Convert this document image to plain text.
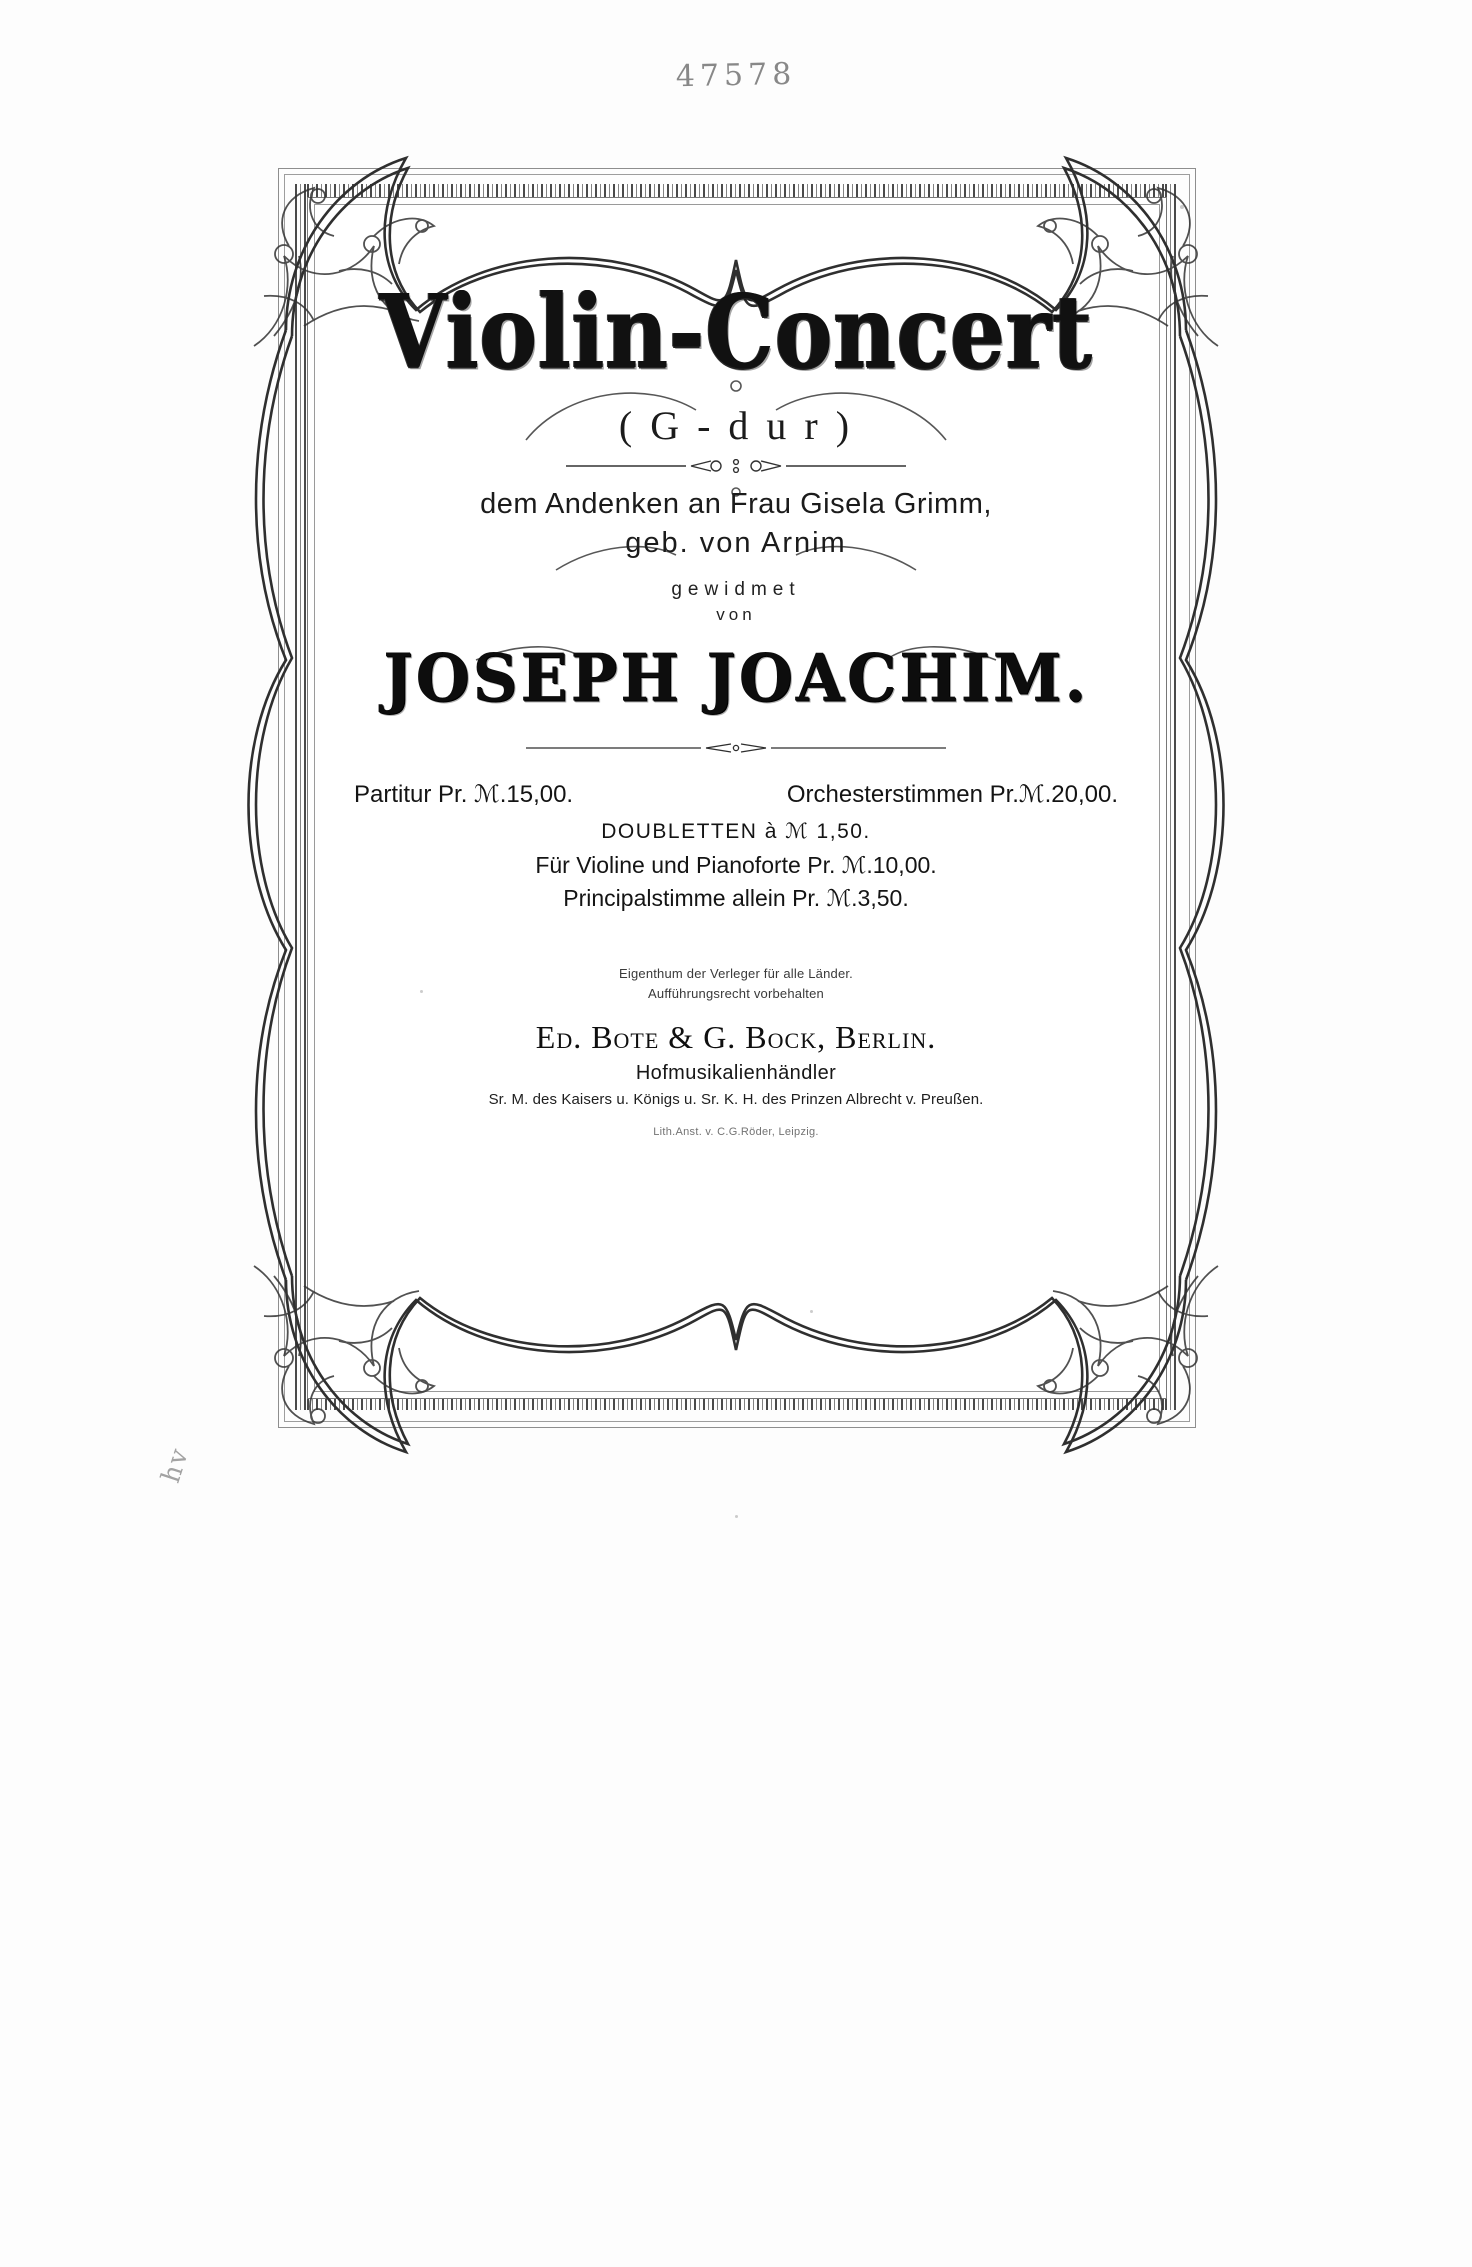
47578
Violin-Concert
( G - d u r )
dem Andenken an Frau Gisela Grimm,
geb. von Arnim
gewidmet
von
JOSEPH JOACHIM.
Partitur Pr. ℳ.15,00.	Orchesterstimmen Pr.ℳ.20,00.
DOUBLETTEN à ℳ 1,50.
Für Violine und Pianoforte Pr. ℳ.10,00.
Principalstimme allein Pr. ℳ.3,50.
Eigenthum der Verleger für alle Länder.
Aufführungsrecht vorbehalten
Ed. Bote & G. Bock, Berlin.
Hofmusikalienhändler
Sr. M. des Kaisers u. Königs u. Sr. K. H. des Prinzen Albrecht v. Preußen.
Lith.Anst. v. C.G.Röder, Leipzig.
hv
